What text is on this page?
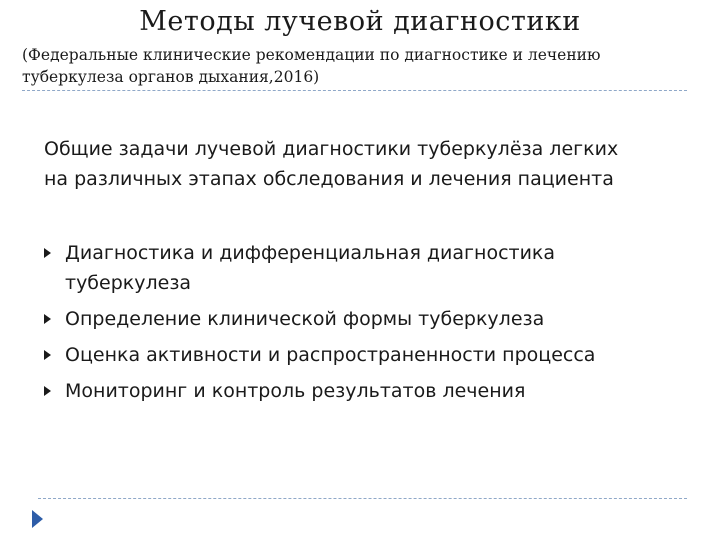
Методы лучевой диагностики
(Федеральные клинические рекомендации по диагностике и лечению
туберкулеза органов дыхания,2016)
Общие задачи лучевой диагностики туберкулёза легких
на различных этапах обследования и лечения пациента
Диагностика и дифференциальная диагностика
туберкулеза
Определение клинической формы туберкулеза
Оценка активности и распространенности процесса
Мониторинг и контроль результатов лечения
